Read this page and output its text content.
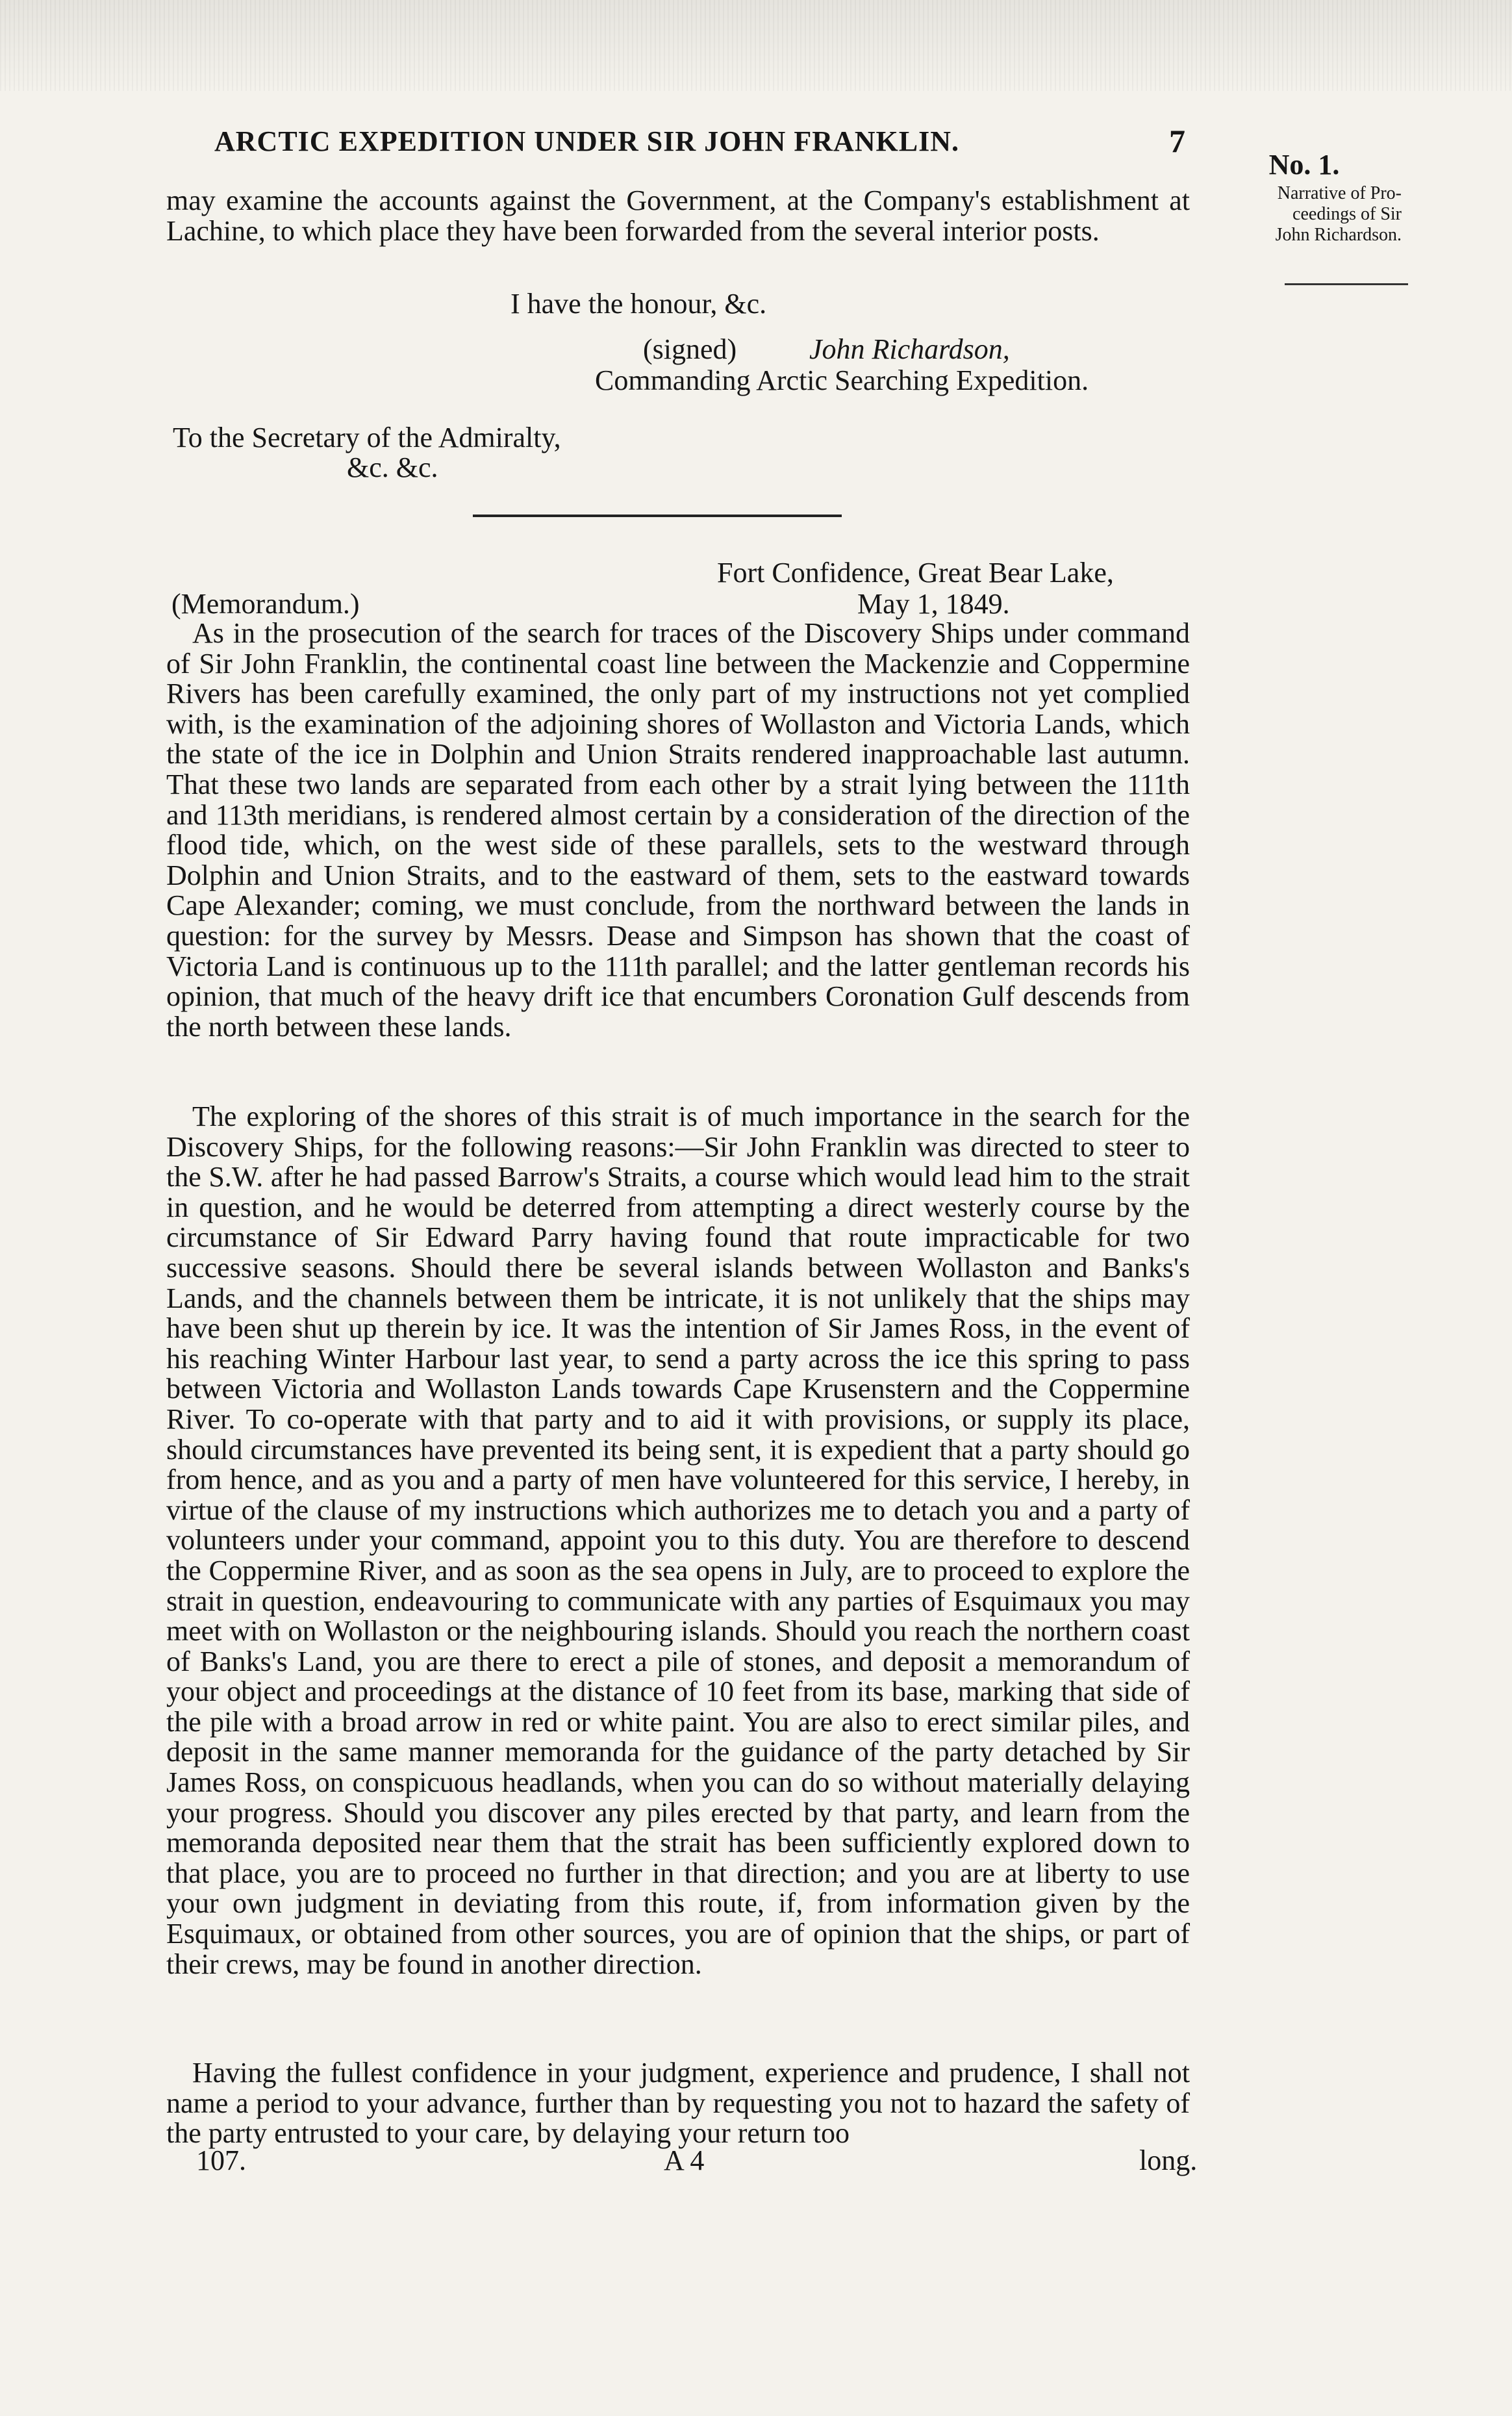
ARCTIC EXPEDITION UNDER SIR JOHN FRANKLIN.	7
No. 1.
Narrative of Pro-
ceedings of Sir
John Richardson.
may examine the accounts against the Government, at the Company's establishment at Lachine, to which place they have been forwarded from the several interior posts.
I have the honour, &c.
(signed)	John Richardson,
Commanding Arctic Searching Expedition.
To the Secretary of the Admiralty,
&c. &c.
Fort Confidence, Great Bear Lake,
(Memorandum.)	May 1, 1849.
As in the prosecution of the search for traces of the Discovery Ships under command of Sir John Franklin, the continental coast line between the Mackenzie and Coppermine Rivers has been carefully examined, the only part of my instructions not yet complied with, is the examination of the adjoining shores of Wollaston and Victoria Lands, which the state of the ice in Dolphin and Union Straits rendered inapproachable last autumn. That these two lands are separated from each other by a strait lying between the 111th and 113th meridians, is rendered almost certain by a consideration of the direction of the flood tide, which, on the west side of these parallels, sets to the westward through Dolphin and Union Straits, and to the eastward of them, sets to the eastward towards Cape Alexander; coming, we must conclude, from the northward between the lands in question: for the survey by Messrs. Dease and Simpson has shown that the coast of Victoria Land is continuous up to the 111th parallel; and the latter gentleman records his opinion, that much of the heavy drift ice that encumbers Coronation Gulf descends from the north between these lands.
The exploring of the shores of this strait is of much importance in the search for the Discovery Ships, for the following reasons:—Sir John Franklin was directed to steer to the S.W. after he had passed Barrow's Straits, a course which would lead him to the strait in question, and he would be deterred from attempting a direct westerly course by the circumstance of Sir Edward Parry having found that route impracticable for two successive seasons. Should there be several islands between Wollaston and Banks's Lands, and the channels between them be intricate, it is not unlikely that the ships may have been shut up therein by ice. It was the intention of Sir James Ross, in the event of his reaching Winter Harbour last year, to send a party across the ice this spring to pass between Victoria and Wollaston Lands towards Cape Krusenstern and the Coppermine River. To co-operate with that party and to aid it with provisions, or supply its place, should circumstances have prevented its being sent, it is expedient that a party should go from hence, and as you and a party of men have volunteered for this service, I hereby, in virtue of the clause of my instructions which authorizes me to detach you and a party of volunteers under your command, appoint you to this duty. You are therefore to descend the Coppermine River, and as soon as the sea opens in July, are to proceed to explore the strait in question, endeavouring to communicate with any parties of Esquimaux you may meet with on Wollaston or the neighbouring islands. Should you reach the northern coast of Banks's Land, you are there to erect a pile of stones, and deposit a memorandum of your object and proceedings at the distance of 10 feet from its base, marking that side of the pile with a broad arrow in red or white paint. You are also to erect similar piles, and deposit in the same manner memoranda for the guidance of the party detached by Sir James Ross, on conspicuous headlands, when you can do so without materially delaying your progress. Should you discover any piles erected by that party, and learn from the memoranda deposited near them that the strait has been sufficiently explored down to that place, you are to proceed no further in that direction; and you are at liberty to use your own judgment in deviating from this route, if, from information given by the Esquimaux, or obtained from other sources, you are of opinion that the ships, or part of their crews, may be found in another direction.
Having the fullest confidence in your judgment, experience and prudence, I shall not name a period to your advance, further than by requesting you not to hazard the safety of the party entrusted to your care, by delaying your return too
107.	A 4	long.
